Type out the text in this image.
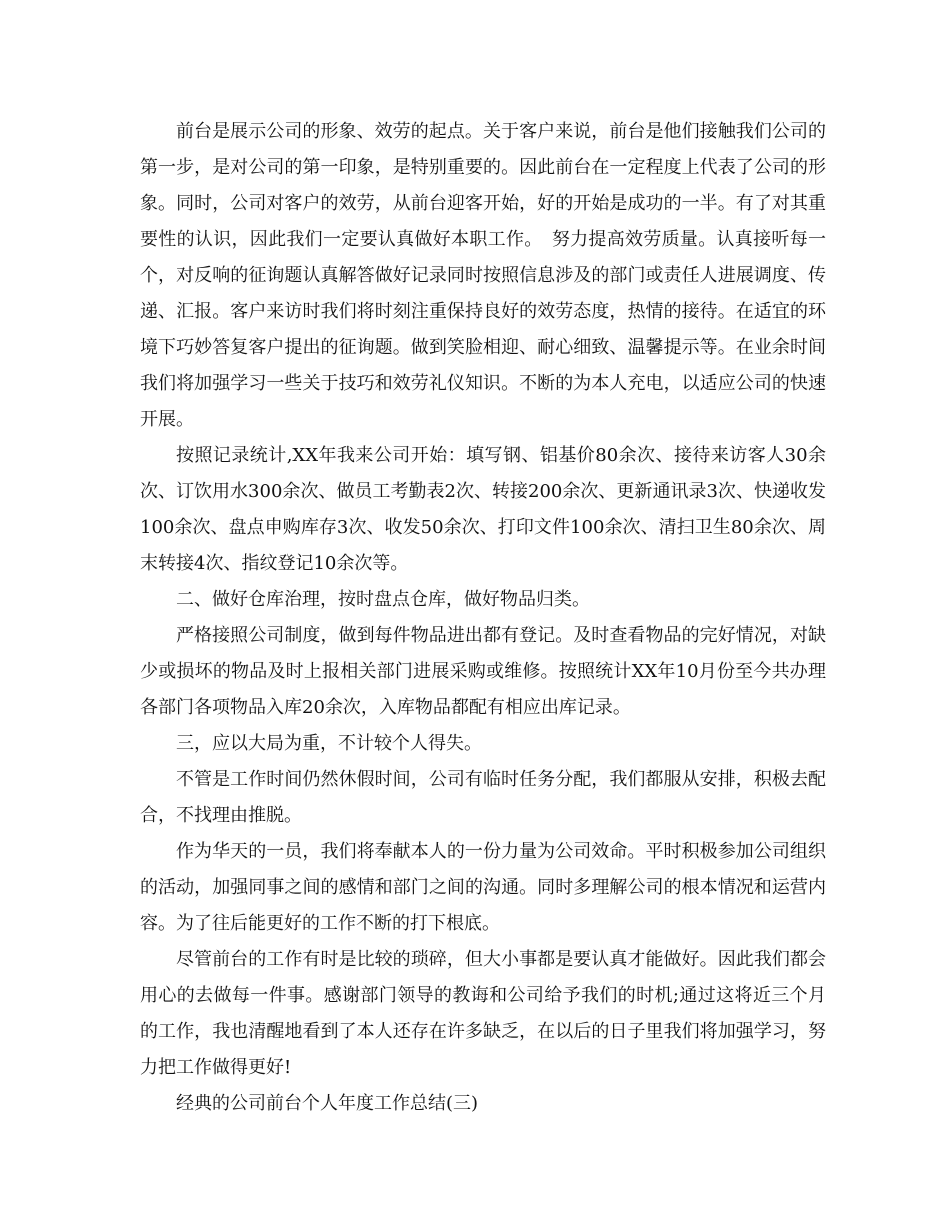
前台是展示公司的形象、效劳的起点。关于客户来说，前台是他们接触我们公司的第一步，是对公司的第一印象，是特别重要的。因此前台在一定程度上代表了公司的形象。同时，公司对客户的效劳，从前台迎客开始，好的开始是成功的一半。有了对其重要性的认识，因此我们一定要认真做好本职工作。　努力提高效劳质量。认真接听每一个，对反响的征询题认真解答做好记录同时按照信息涉及的部门或责任人进展调度、传递、汇报。客户来访时我们将时刻注重保持良好的效劳态度，热情的接待。在适宜的环境下巧妙答复客户提出的征询题。做到笑脸相迎、耐心细致、温馨提示等。在业余时间我们将加强学习一些关于技巧和效劳礼仪知识。不断的为本人充电，以适应公司的快速开展。

按照记录统计,XX年我来公司开始：填写钢、铝基价80余次、接待来访客人30余次、订饮用水300余次、做员工考勤表2次、转接200余次、更新通讯录3次、快递收发100余次、盘点申购库存3次、收发50余次、打印文件100余次、清扫卫生80余次、周末转接4次、指纹登记10余次等。

二、做好仓库治理，按时盘点仓库，做好物品归类。

严格接照公司制度，做到每件物品进出都有登记。及时查看物品的完好情况，对缺少或损坏的物品及时上报相关部门进展采购或维修。按照统计XX年10月份至今共办理各部门各项物品入库20余次，入库物品都配有相应出库记录。

三，应以大局为重，不计较个人得失。

不管是工作时间仍然休假时间，公司有临时任务分配，我们都服从安排，积极去配合，不找理由推脱。

作为华天的一员，我们将奉献本人的一份力量为公司效命。平时积极参加公司组织的活动，加强同事之间的感情和部门之间的沟通。同时多理解公司的根本情况和运营内容。为了往后能更好的工作不断的打下根底。

尽管前台的工作有时是比较的琐碎，但大小事都是要认真才能做好。因此我们都会用心的去做每一件事。感谢部门领导的教诲和公司给予我们的时机;通过这将近三个月的工作，我也清醒地看到了本人还存在许多缺乏，在以后的日子里我们将加强学习，努力把工作做得更好!

经典的公司前台个人年度工作总结(三)
